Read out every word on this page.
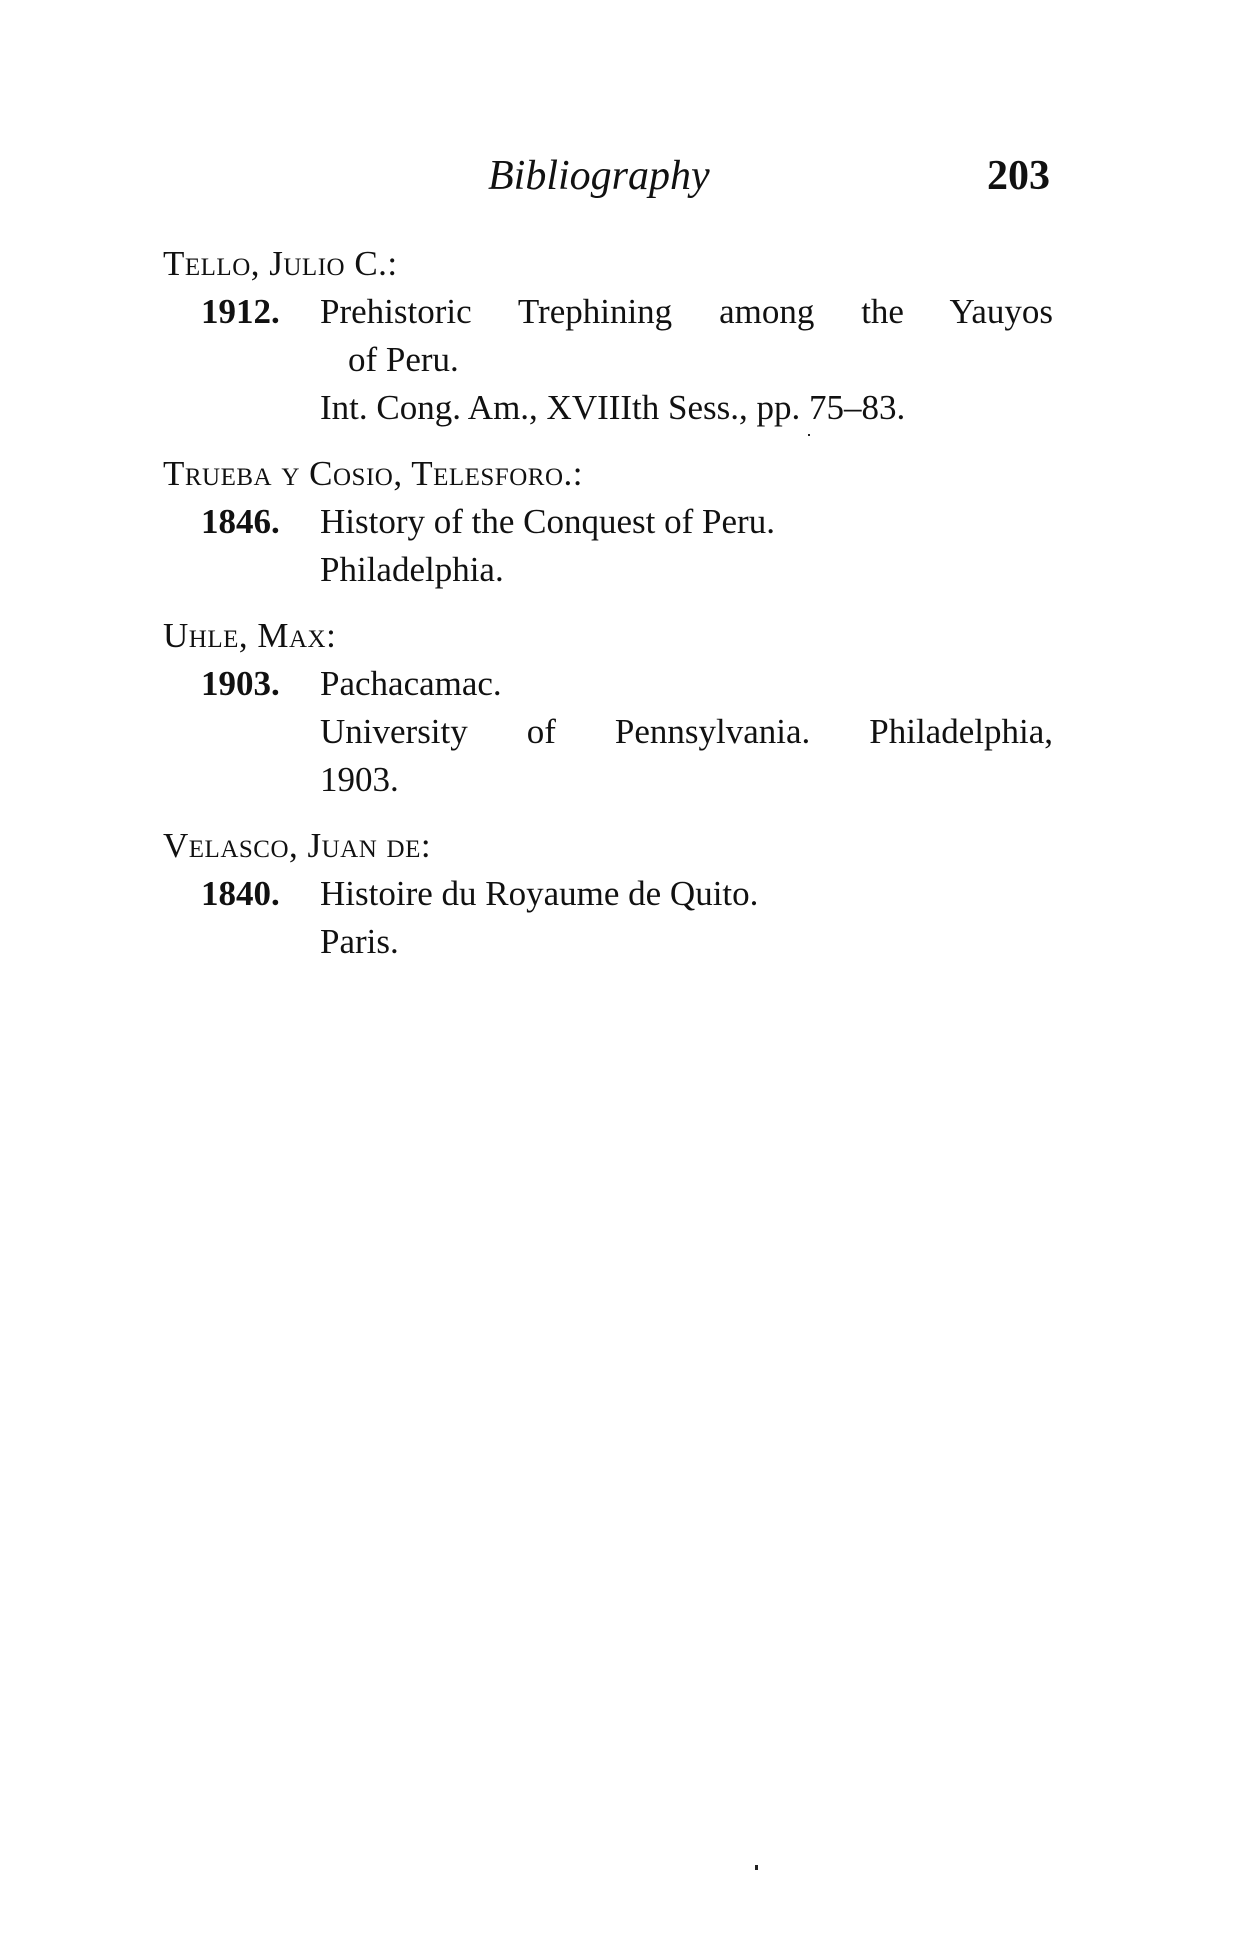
Bibliography	203
Tello, Julio C.:
1912. Prehistoric Trephining among the Yauyos
of Peru.
Int. Cong. Am., XVIIIth Sess., pp. 75–83.
Trueba y Cosio, Telesforo.:
1846. History of the Conquest of Peru.
Philadelphia.
Uhle, Max:
1903. Pachacamac.
University of Pennsylvania. Philadelphia,
1903.
Velasco, Juan de:
1840. Histoire du Royaume de Quito.
Paris.
